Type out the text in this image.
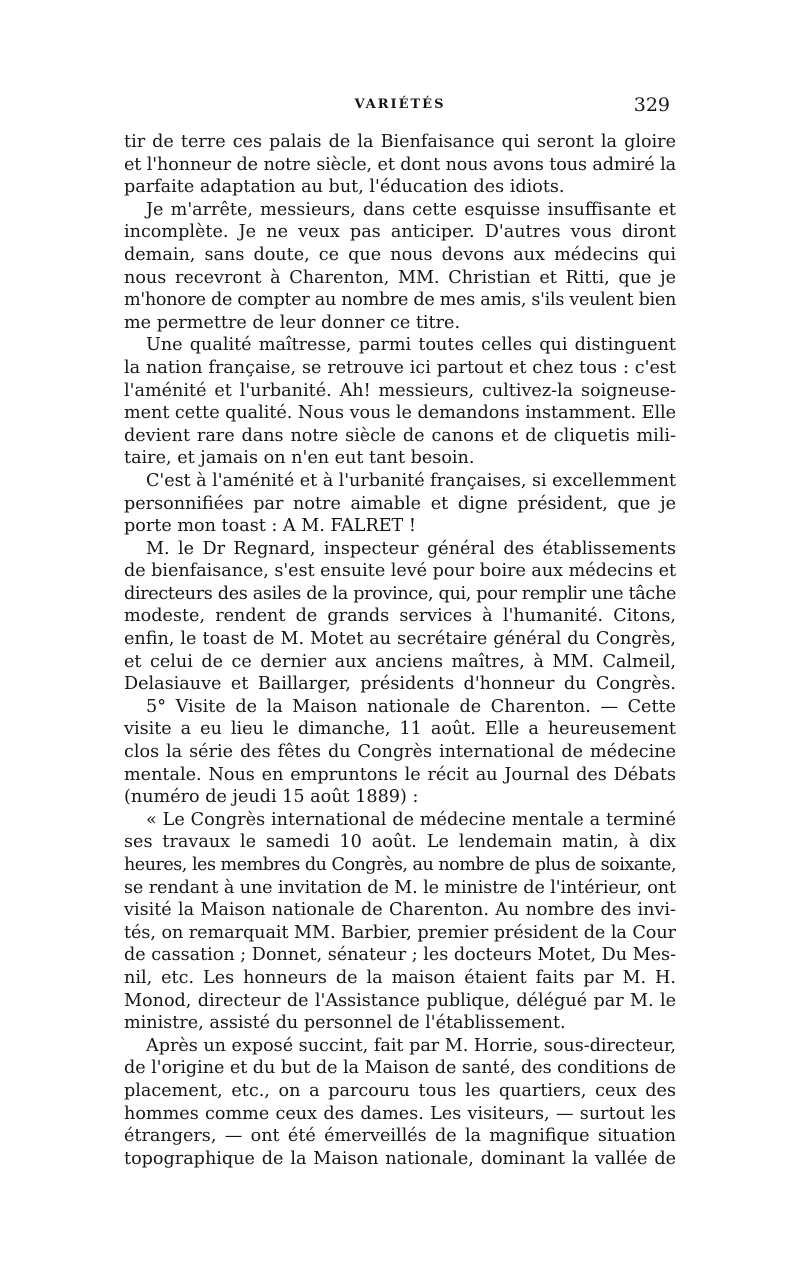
VARIÉTÉS	329
tir de terre ces palais de la Bienfaisance qui seront la gloire
et l'honneur de notre siècle, et dont nous avons tous admiré la
parfaite adaptation au but, l'éducation des idiots.
Je m'arrête, messieurs, dans cette esquisse insuffisante et
incomplète. Je ne veux pas anticiper. D'autres vous diront
demain, sans doute, ce que nous devons aux médecins qui
nous recevront à Charenton, MM. Christian et Ritti, que je
m'honore de compter au nombre de mes amis, s'ils veulent bien
me permettre de leur donner ce titre.
Une qualité maîtresse, parmi toutes celles qui distinguent
la nation française, se retrouve ici partout et chez tous : c'est
l'aménité et l'urbanité. Ah! messieurs, cultivez-la soigneuse-
ment cette qualité. Nous vous le demandons instamment. Elle
devient rare dans notre siècle de canons et de cliquetis mili-
taire, et jamais on n'en eut tant besoin.
C'est à l'aménité et à l'urbanité françaises, si excellemment
personnifiées par notre aimable et digne président, que je
porte mon toast : A M. FALRET !
M. le Dr Regnard, inspecteur général des établissements
de bienfaisance, s'est ensuite levé pour boire aux médecins et
directeurs des asiles de la province, qui, pour remplir une tâche
modeste, rendent de grands services à l'humanité. Citons,
enfin, le toast de M. Motet au secrétaire général du Congrès,
et celui de ce dernier aux anciens maîtres, à MM. Calmeil,
Delasiauve et Baillarger, présidents d'honneur du Congrès.
5° Visite de la Maison nationale de Charenton. — Cette
visite a eu lieu le dimanche, 11 août. Elle a heureusement
clos la série des fêtes du Congrès international de médecine
mentale. Nous en empruntons le récit au Journal des Débats
(numéro de jeudi 15 août 1889) :
« Le Congrès international de médecine mentale a terminé
ses travaux le samedi 10 août. Le lendemain matin, à dix
heures, les membres du Congrès, au nombre de plus de soixante,
se rendant à une invitation de M. le ministre de l'intérieur, ont
visité la Maison nationale de Charenton. Au nombre des invi-
tés, on remarquait MM. Barbier, premier président de la Cour
de cassation ; Donnet, sénateur ; les docteurs Motet, Du Mes-
nil, etc. Les honneurs de la maison étaient faits par M. H.
Monod, directeur de l'Assistance publique, délégué par M. le
ministre, assisté du personnel de l'établissement.
Après un exposé succint, fait par M. Horrie, sous-directeur,
de l'origine et du but de la Maison de santé, des conditions de
placement, etc., on a parcouru tous les quartiers, ceux des
hommes comme ceux des dames. Les visiteurs, — surtout les
étrangers, — ont été émerveillés de la magnifique situation
topographique de la Maison nationale, dominant la vallée de
